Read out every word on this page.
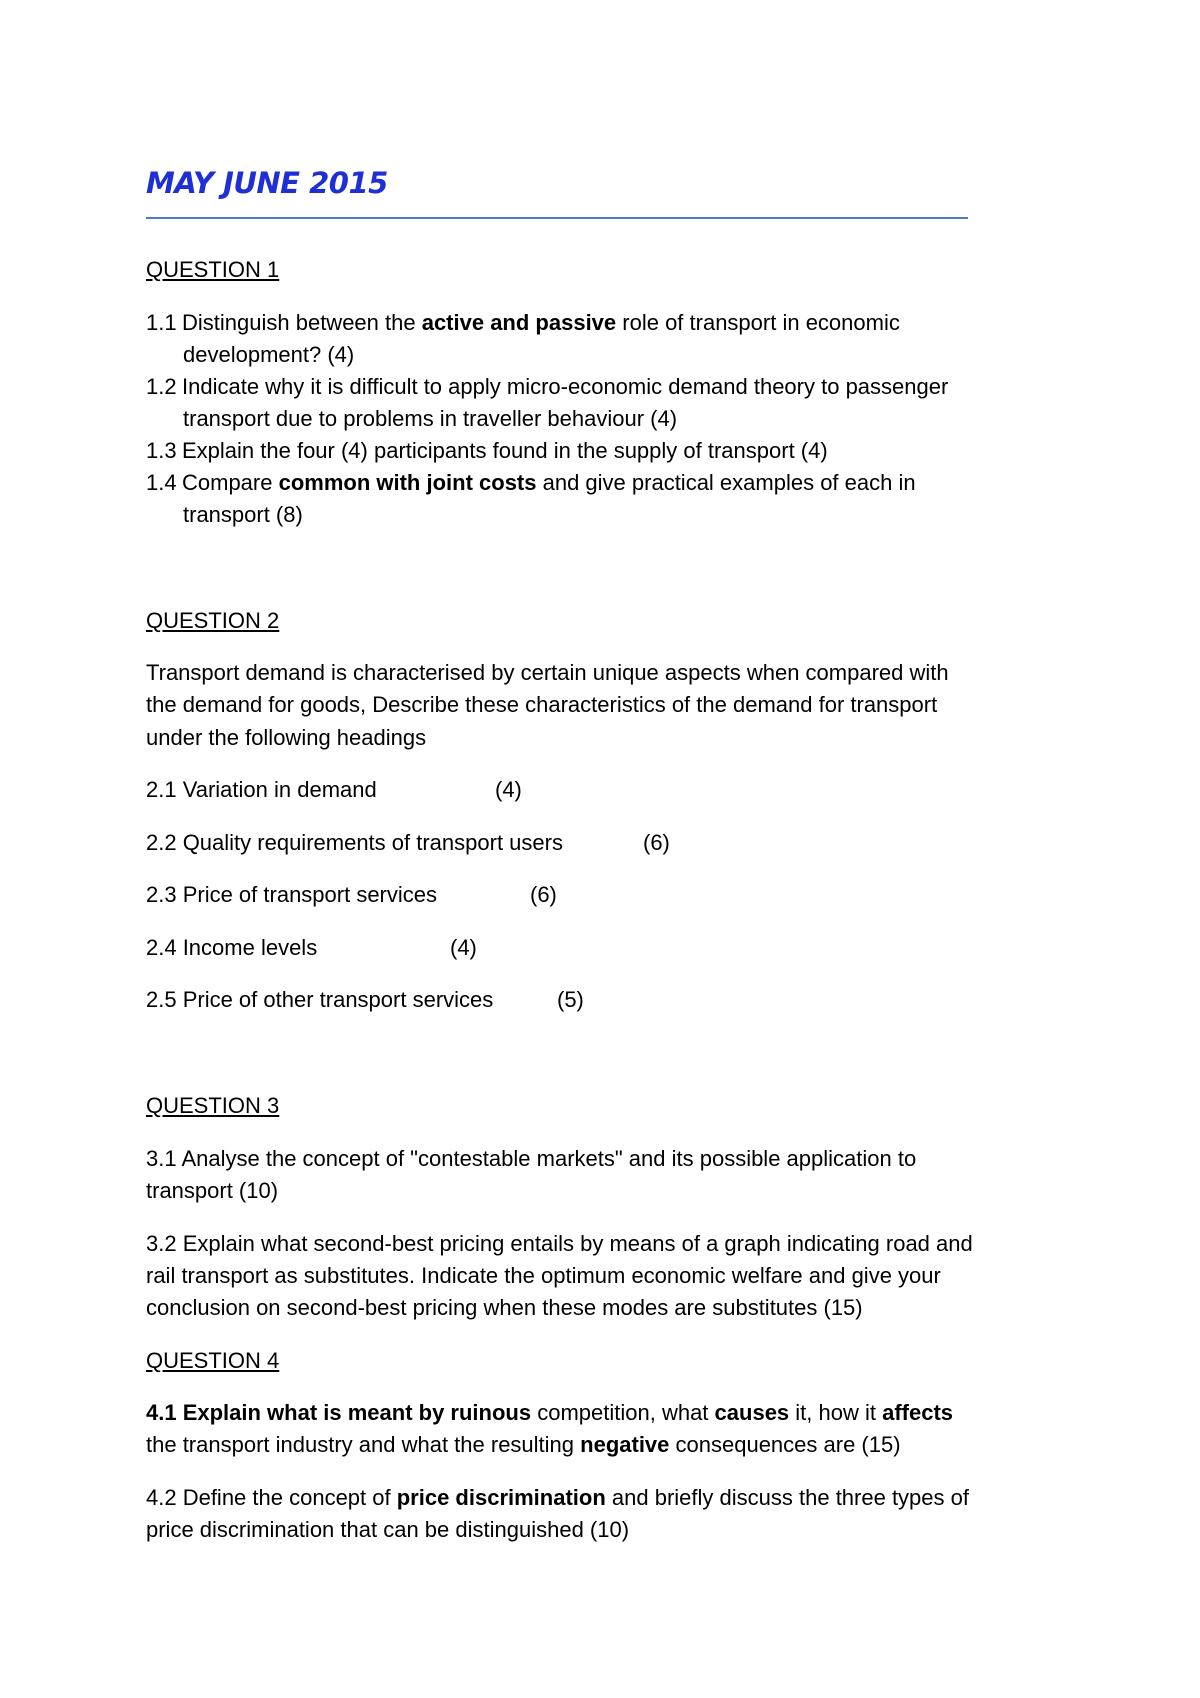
MAY JUNE 2015
QUESTION 1
1.1 Distinguish between the active and passive role of transport in economic
development? (4)
1.2 Indicate why it is difficult to apply micro-economic demand theory to passenger
transport due to problems in traveller behaviour (4)
1.3 Explain the four (4) participants found in the supply of transport (4)
1.4 Compare common with joint costs and give practical examples of each in
transport (8)
QUESTION 2
Transport demand is characterised by certain unique aspects when compared with
the demand for goods, Describe these characteristics of the demand for transport
under the following headings
2.1 Variation in demand	(4)
2.2 Quality requirements of transport users	(6)
2.3 Price of transport services	(6)
2.4 Income levels	(4)
2.5 Price of other transport services	(5)
QUESTION 3
3.1 Analyse the concept of "contestable markets" and its possible application to
transport (10)
3.2 Explain what second-best pricing entails by means of a graph indicating road and
rail transport as substitutes. Indicate the optimum economic welfare and give your
conclusion on second-best pricing when these modes are substitutes (15)
QUESTION 4
4.1 Explain what is meant by ruinous competition, what causes it, how it affects
the transport industry and what the resulting negative consequences are (15)
4.2 Define the concept of price discrimination and briefly discuss the three types of
price discrimination that can be distinguished (10)
